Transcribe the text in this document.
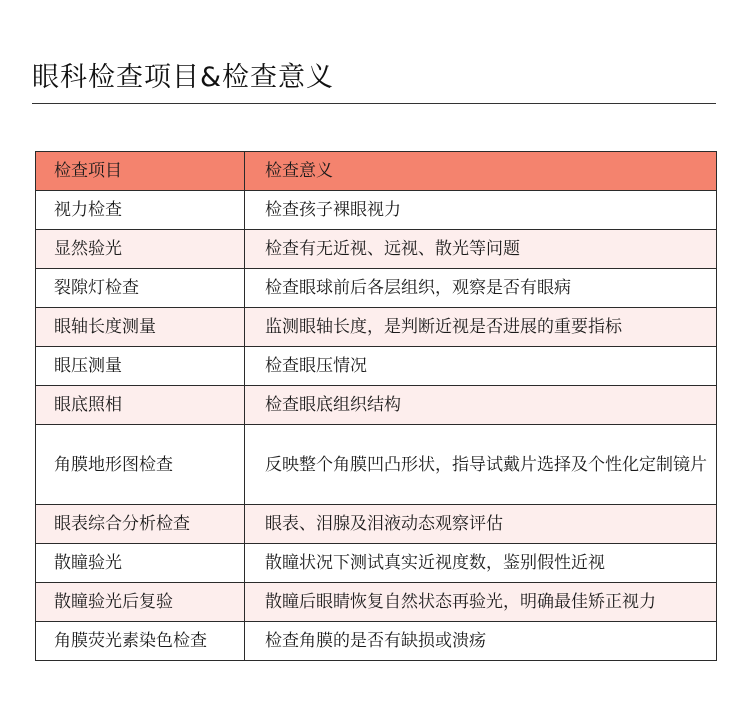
眼科检查项目&检查意义
检查项目	检查意义
视力检查	检查孩子裸眼视力
显然验光	检查有无近视、远视、散光等问题
裂隙灯检查	检查眼球前后各层组织，观察是否有眼病
眼轴长度测量	监测眼轴长度，是判断近视是否进展的重要指标
眼压测量	检查眼压情况
眼底照相	检查眼底组织结构
角膜地形图检查	反映整个角膜凹凸形状，指导试戴片选择及个性化定制镜片
眼表综合分析检查	眼表、泪腺及泪液动态观察评估
散瞳验光	散瞳状况下测试真实近视度数，鉴别假性近视
散瞳验光后复验	散瞳后眼睛恢复自然状态再验光，明确最佳矫正视力
角膜荧光素染色检查	检查角膜的是否有缺损或溃疡
